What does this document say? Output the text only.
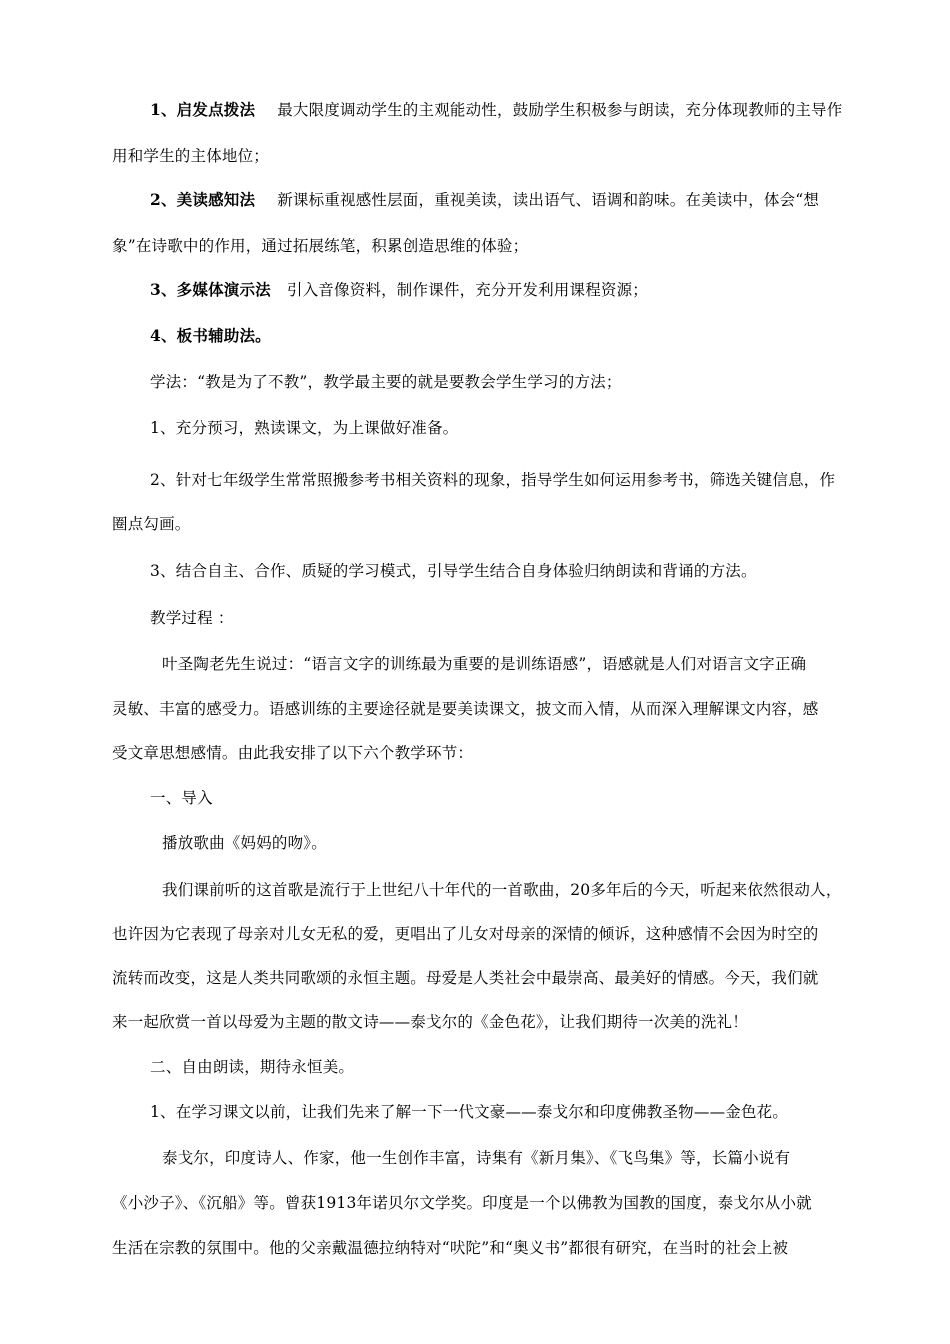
1、启发点拨法 最大限度调动学生的主观能动性，鼓励学生积极参与朗读，充分体现教师的主导作
用和学生的主体地位；
2、美读感知法 新课标重视感性层面，重视美读，读出语气、语调和韵味。在美读中，体会“想
象”在诗歌中的作用，通过拓展练笔，积累创造思维的体验；
3、多媒体演示法 引入音像资料，制作课件，充分开发利用课程资源；
4、板书辅助法。
学法：“教是为了不教”，教学最主要的就是要教会学生学习的方法；
1、充分预习，熟读课文，为上课做好准备。
2、针对七年级学生常常照搬参考书相关资料的现象，指导学生如何运用参考书，筛选关键信息，作
圈点勾画。
3、结合自主、合作、质疑的学习模式，引导学生结合自身体验归纳朗读和背诵的方法。
教学过程 ：
叶圣陶老先生说过：“语言文字的训练最为重要的是训练语感”，语感就是人们对语言文字正确
灵敏、丰富的感受力。语感训练的主要途径就是要美读课文，披文而入情，从而深入理解课文内容，感
受文章思想感情。由此我安排了以下六个教学环节：
一、导入
播放歌曲《妈妈的吻》。
我们课前听的这首歌是流行于上世纪八十年代的一首歌曲，20多年后的今天，听起来依然很动人，
也许因为它表现了母亲对儿女无私的爱，更唱出了儿女对母亲的深情的倾诉，这种感情不会因为时空的
流转而改变，这是人类共同歌颂的永恒主题。母爱是人类社会中最崇高、最美好的情感。今天，我们就
来一起欣赏一首以母爱为主题的散文诗——泰戈尔的《金色花》，让我们期待一次美的洗礼！
二、自由朗读，期待永恒美。
1、在学习课文以前，让我们先来了解一下一代文豪——泰戈尔和印度佛教圣物——金色花。
泰戈尔，印度诗人、作家，他一生创作丰富，诗集有《新月集》、《飞鸟集》等，长篇小说有
《小沙子》、《沉船》等。曾获1913年诺贝尔文学奖。印度是一个以佛教为国教的国度，泰戈尔从小就
生活在宗教的氛围中。他的父亲戴温德拉纳特对“吠陀”和“奥义书”都很有研究，在当时的社会上被
